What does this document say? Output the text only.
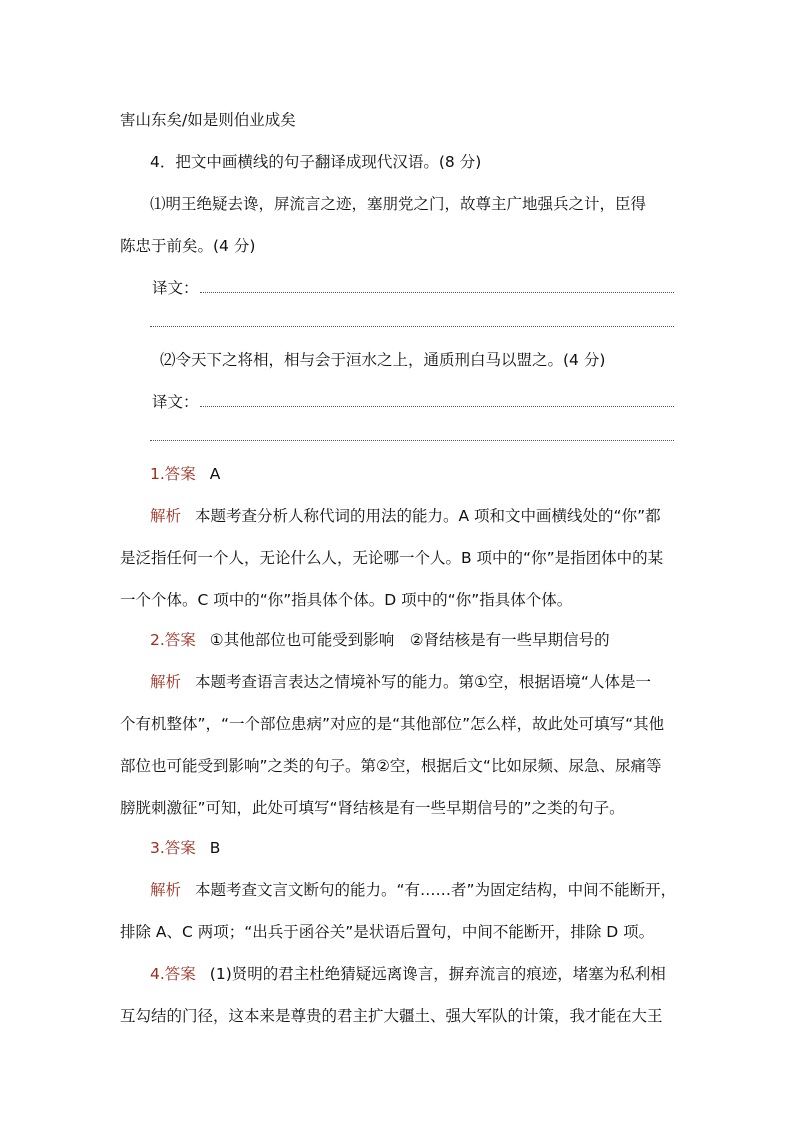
害山东矣/如是则伯业成矣
4．把文中画横线的句子翻译成现代汉语。(8 分)
⑴明王绝疑去谗，屏流言之迹，塞朋党之门，故尊主广地强兵之计，臣得
陈忠于前矣。(4 分)
译文：
⑵令天下之将相，相与会于洹水之上，通质刑白马以盟之。(4 分)
译文：
1.答案 A
解析 本题考查分析人称代词的用法的能力。A 项和文中画横线处的“你”都
是泛指任何一个人，无论什么人，无论哪一个人。B 项中的“你”是指团体中的某
一个个体。C 项中的“你”指具体个体。D 项中的“你”指具体个体。
2.答案 ①其他部位也可能受到影响　②肾结核是有一些早期信号的
解析 本题考查语言表达之情境补写的能力。第①空，根据语境“人体是一
个有机整体”，“一个部位患病”对应的是“其他部位”怎么样，故此处可填写“其他
部位也可能受到影响”之类的句子。第②空，根据后文“比如尿频、尿急、尿痛等
膀胱刺激征”可知，此处可填写“肾结核是有一些早期信号的”之类的句子。
3.答案 B
解析 本题考查文言文断句的能力。“有……者”为固定结构，中间不能断开，
排除 A、C 两项；“出兵于函谷关”是状语后置句，中间不能断开，排除 D 项。
4.答案 (1)贤明的君主杜绝猜疑远离谗言，摒弃流言的痕迹，堵塞为私利相
互勾结的门径，这本来是尊贵的君主扩大疆土、强大军队的计策，我才能在大王
